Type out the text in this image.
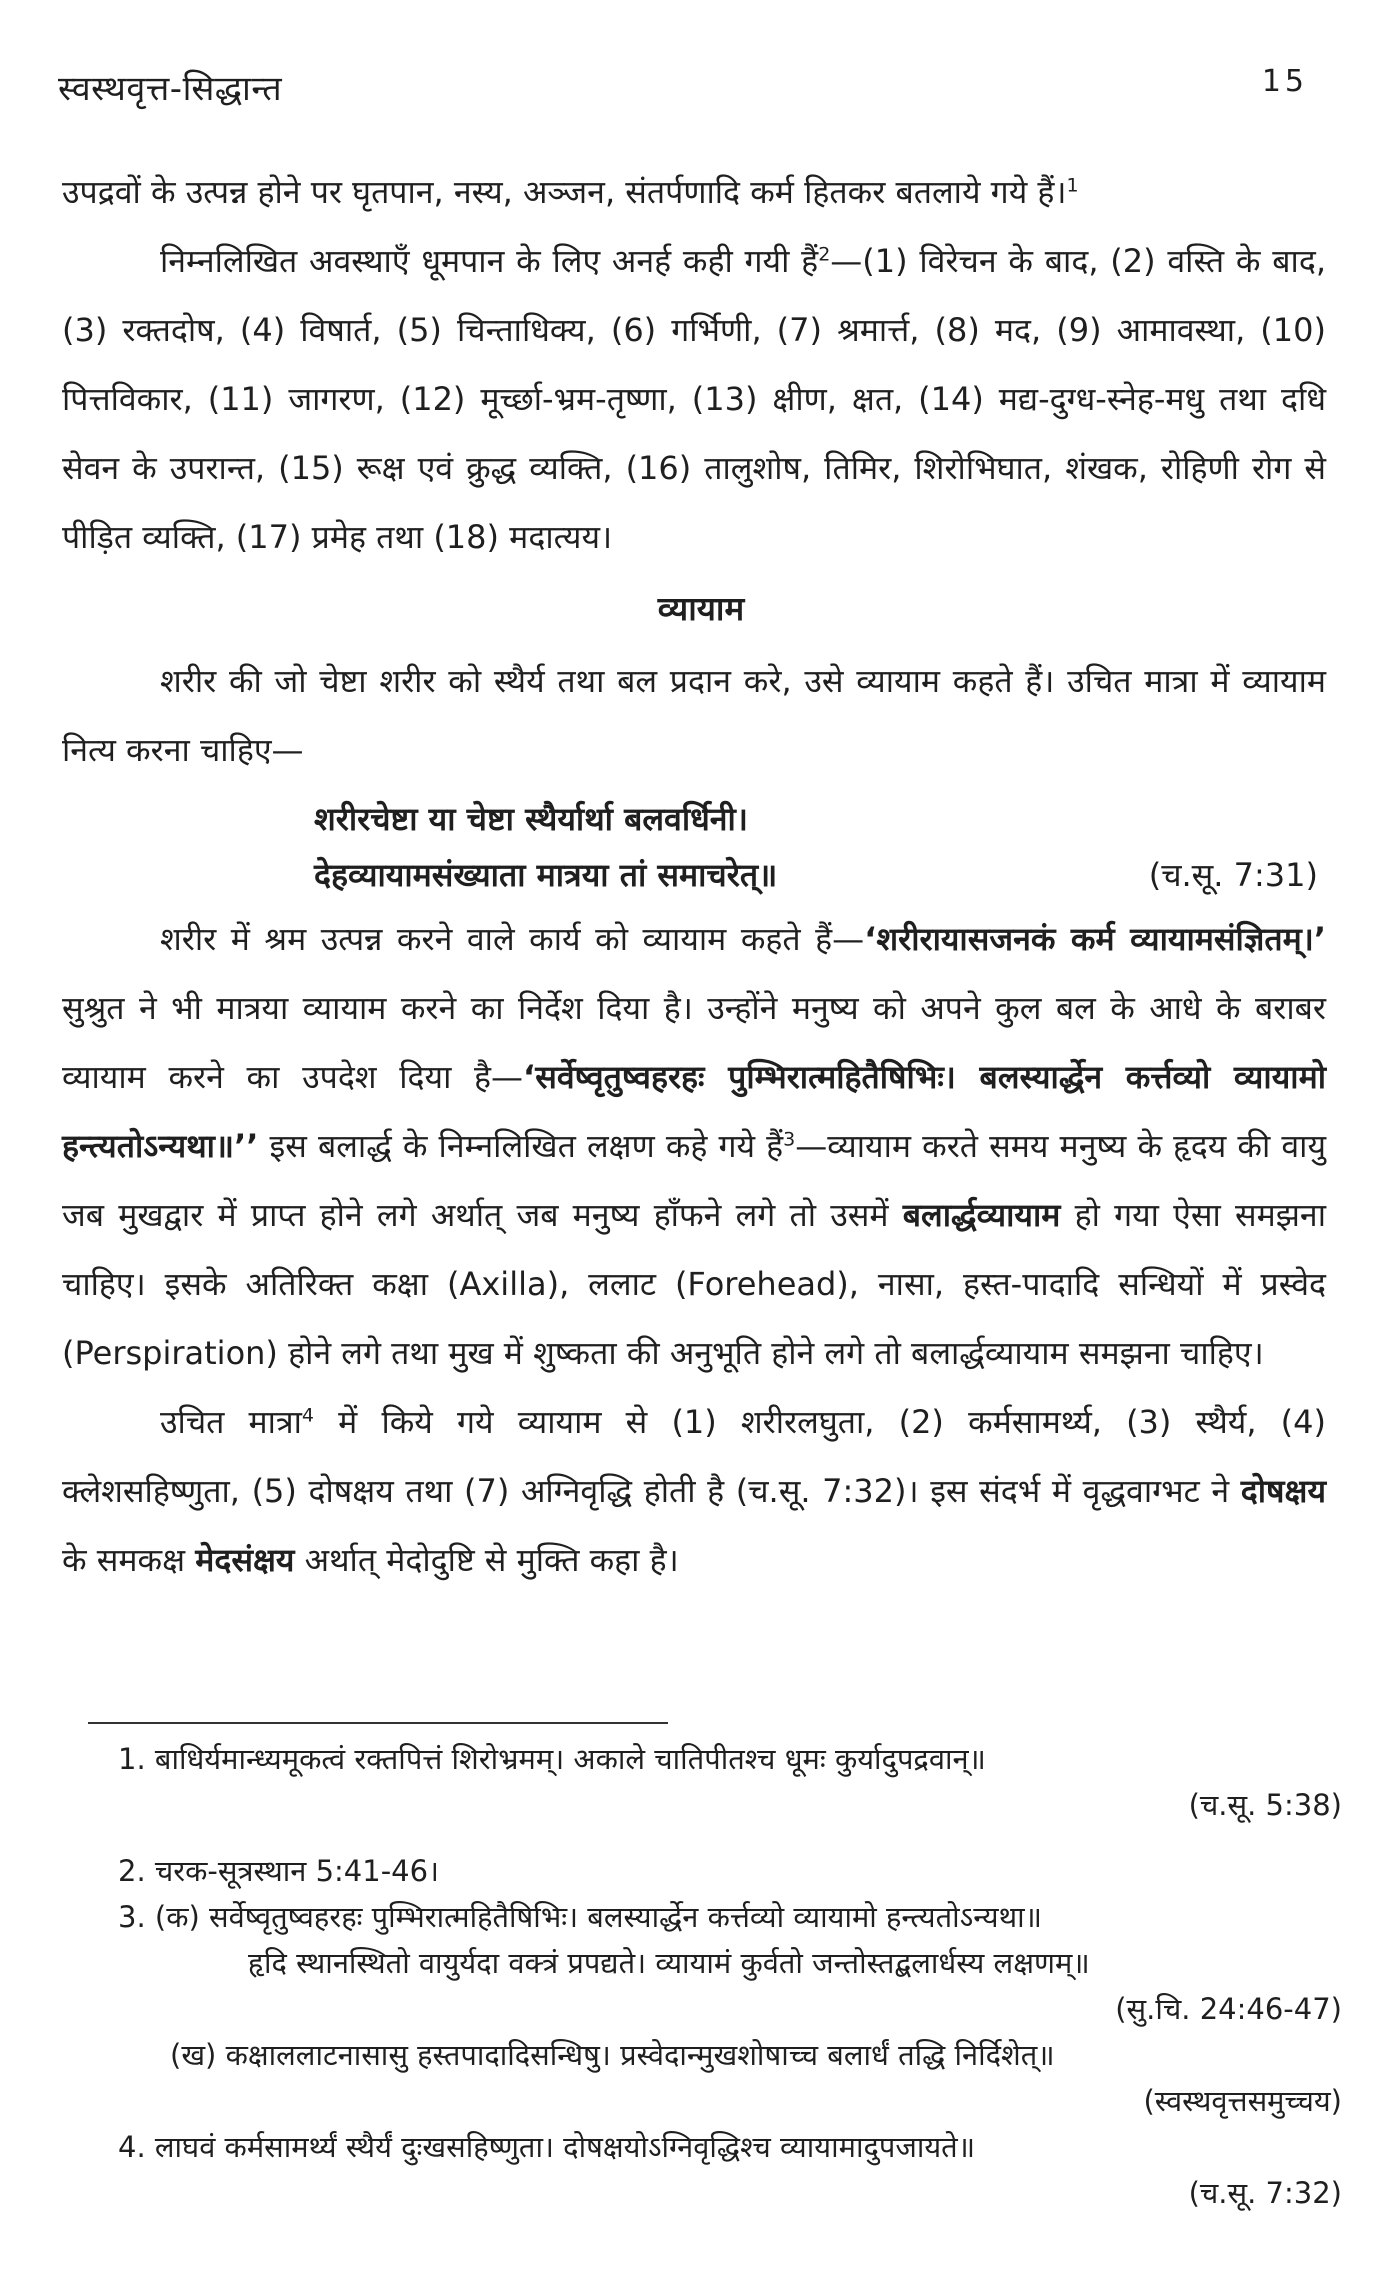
स्वस्थवृत्त-सिद्धान्त	15

उपद्रवों के उत्पन्न होने पर घृतपान, नस्य, अञ्जन, संतर्पणादि कर्म हितकर बतलाये गये हैं।$^1$

निम्नलिखित अवस्थाएँ धूमपान के लिए अनर्ह कही गयी हैं$^2$—(1) विरेचन के बाद, (2) वस्ति के बाद, (3) रक्तदोष, (4) विषार्त, (5) चिन्ताधिक्य, (6) गर्भिणी, (7) श्रमार्त्त, (8) मद, (9) आमावस्था, (10) पित्तविकार, (11) जागरण, (12) मूर्च्छा-भ्रम-तृष्णा, (13) क्षीण, क्षत, (14) मद्य-दुग्ध-स्नेह-मधु तथा दधि सेवन के उपरान्त, (15) रूक्ष एवं क्रुद्ध व्यक्ति, (16) तालुशोष, तिमिर, शिरोभिघात, शंखक, रोहिणी रोग से पीड़ित व्यक्ति, (17) प्रमेह तथा (18) मदात्यय।

व्यायाम

शरीर की जो चेष्टा शरीर को स्थैर्य तथा बल प्रदान करे, उसे व्यायाम कहते हैं। उचित मात्रा में व्यायाम नित्य करना चाहिए—

शरीरचेष्टा या चेष्टा स्थैर्यार्था बलवर्धिनी।
देहव्यायामसंख्याता मात्रया तां समाचरेत्॥	(च.सू. 7:31)

शरीर में श्रम उत्पन्न करने वाले कार्य को व्यायाम कहते हैं—‘शरीरायासजनकं कर्म व्यायामसंज्ञितम्।’ सुश्रुत ने भी मात्रया व्यायाम करने का निर्देश दिया है। उन्होंने मनुष्य को अपने कुल बल के आधे के बराबर व्यायाम करने का उपदेश दिया है—‘सर्वेष्वृतुष्वहरहः पुम्भिरात्महितैषिभिः। बलस्यार्द्धेन कर्त्तव्यो व्यायामो हन्त्यतोऽन्यथा॥’’ इस बलार्द्ध के निम्नलिखित लक्षण कहे गये हैं$^3$—व्यायाम करते समय मनुष्य के हृदय की वायु जब मुखद्वार में प्राप्त होने लगे अर्थात् जब मनुष्य हाँफने लगे तो उसमें बलार्द्धव्यायाम हो गया ऐसा समझना चाहिए। इसके अतिरिक्त कक्षा (Axilla), ललाट (Forehead), नासा, हस्त-पादादि सन्धियों में प्रस्वेद (Perspiration) होने लगे तथा मुख में शुष्कता की अनुभूति होने लगे तो बलार्द्धव्यायाम समझना चाहिए।

उचित मात्रा$^4$ में किये गये व्यायाम से (1) शरीरलघुता, (2) कर्मसामर्थ्य, (3) स्थैर्य, (4) क्लेशसहिष्णुता, (5) दोषक्षय तथा (7) अग्निवृद्धि होती है (च.सू. 7:32)। इस संदर्भ में वृद्धवाग्भट ने दोषक्षय के समकक्ष मेदसंक्षय अर्थात् मेदोदुष्टि से मुक्ति कहा है।

1. बाधिर्यमान्ध्यमूकत्वं रक्तपित्तं शिरोभ्रमम्। अकाले चातिपीतश्च धूमः कुर्यादुपद्रवान्॥

(च.सू. 5:38)

2. चरक-सूत्रस्थान 5:41-46।

3. (क) सर्वेष्वृतुष्वहरहः पुम्भिरात्महितैषिभिः। बलस्यार्द्धेन कर्त्तव्यो व्यायामो हन्त्यतोऽन्यथा॥

हृदि स्थानस्थितो वायुर्यदा वक्त्रं प्रपद्यते। व्यायामं कुर्वतो जन्तोस्तद्बलार्धस्य लक्षणम्॥

(सु.चि. 24:46-47)

(ख) कक्षाललाटनासासु हस्तपादादिसन्धिषु। प्रस्वेदान्मुखशोषाच्च बलार्धं तद्धि निर्दिशेत्॥

(स्वस्थवृत्तसमुच्चय)

4. लाघवं कर्मसामर्थ्यं स्थैर्यं दुःखसहिष्णुता। दोषक्षयोऽग्निवृद्धिश्च व्यायामादुपजायते॥

(च.सू. 7:32)
